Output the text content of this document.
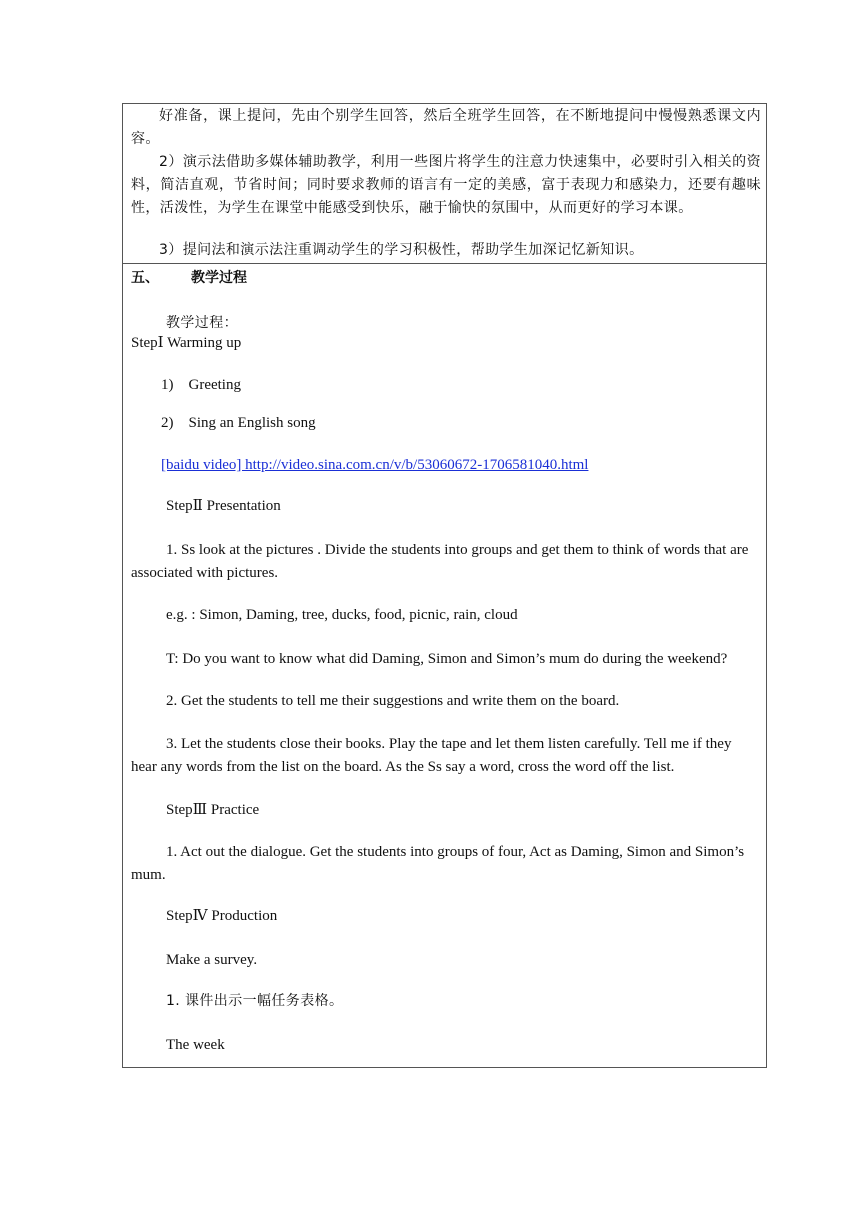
好准备，课上提问，先由个别学生回答，然后全班学生回答，在不断地提问中慢慢熟悉课文内容。

2）演示法借助多媒体辅助教学，利用一些图片将学生的注意力快速集中，必要时引入相关的资料，简洁直观，节省时间；同时要求教师的语言有一定的美感，富于表现力和感染力，还要有趣味性，活泼性，为学生在课堂中能感受到快乐，融于愉快的氛围中，从而更好的学习本课。

3）提问法和演示法注重调动学生的学习积极性，帮助学生加深记忆新知识。

五、 教学过程

教学过程：

StepⅠ Warming up

1)    Greeting

2)    Sing an English song

[baidu video] http://video.sina.com.cn/v/b/53060672-1706581040.html

StepⅡ Presentation

1. Ss look at the pictures . Divide the students into groups and get them to think of words that are associated with pictures.

e.g. : Simon, Daming, tree, ducks, food, picnic, rain, cloud

T: Do you want to know what did Daming, Simon and Simon’s mum do during the weekend?

2. Get the students to tell me their suggestions and write them on the board.

3. Let the students close their books. Play the tape and let them listen carefully. Tell me if they hear any words from the list on the board. As the Ss say a word, cross the word off the list.

StepⅢ Practice

1. Act out the dialogue. Get the students into groups of four, Act as Daming, Simon and Simon’s mum.

StepⅣ Production

Make a survey.

1. 课件出示一幅任务表格。

The week
